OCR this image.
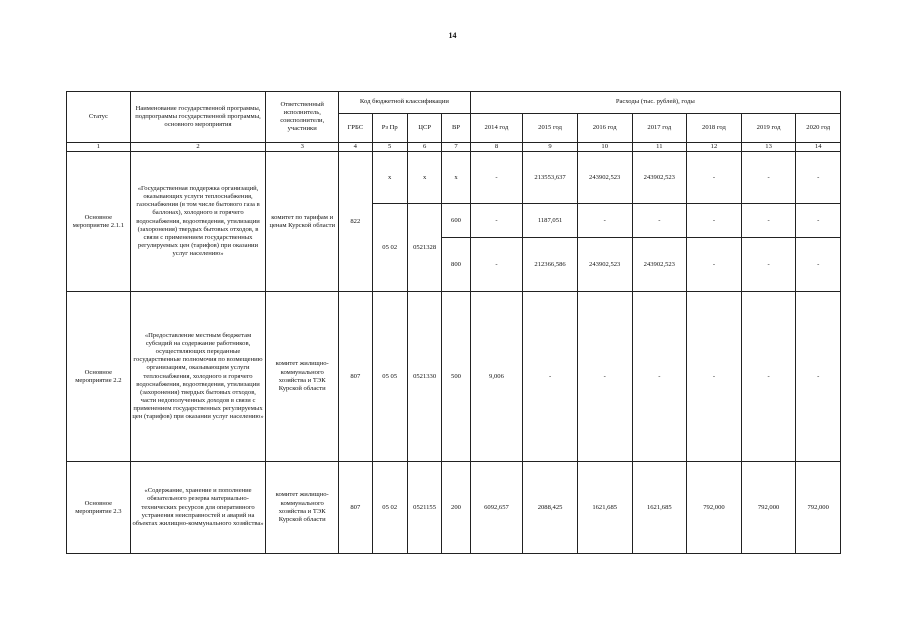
14
Статус	Наименование государственной программы, подпрограммы государственной программы, основного мероприятия	Ответственный исполнитель, соисполнители, участники	Код бюджетной классификации				Расходы (тыс. рублей), годы						
			ГРБС	Рз Пр	ЦСР	ВР	2014 год	2015 год	2016 год	2017 год	2018 год	2019 год	2020 год
1	2	3	4	5	6	7	8	9	10	11	12	13	14
Основное мероприятие 2.1.1	«Государственная поддержка организаций, оказывающих услуги теплоснабжения, газоснабжения (в том числе бытового газа в баллонах), холодного и горячего водоснабжения, водоотведения, утилизации (захоронения) твердых бытовых отходов, в связи с применением государственных регулируемых цен (тарифов) при оказании услуг населению»	комитет по тарифам и ценам Курской области	822	х	х	х	-	213553,637	243902,523	243902,523	-	-	-
				05 02	0521328	600	-	1187,051	-	-	-	-	-
						800	-	212366,586	243902,523	243902,523	-	-	-
Основное мероприятие 2.2	«Предоставление местным бюджетам субсидий на содержание работников, осуществляющих переданные государственные полномочия по возмещению организациям, оказывающим услуги теплоснабжения, холодного и горячего водоснабжения, водоотведения, утилизации (захоронения) твердых бытовых отходов, части недополученных доходов в связи с применением государственных регулируемых цен (тарифов) при оказании услуг населению»	комитет жилищно-коммунального хозяйства и ТЭК Курской области	807	05 05	0521330	500	9,006	-	-	-	-	-	-
Основное мероприятие 2.3	«Содержание, хранение и пополнение обязательного резерва материально-технических ресурсов для оперативного устранения неисправностей и аварий на объектах жилищно-коммунального хозяйства»	комитет жилищно-коммунального хозяйства и ТЭК Курской области	807	05 02	0521155	200	6092,657	2088,425	1621,685	1621,685	792,000	792,000	792,000
